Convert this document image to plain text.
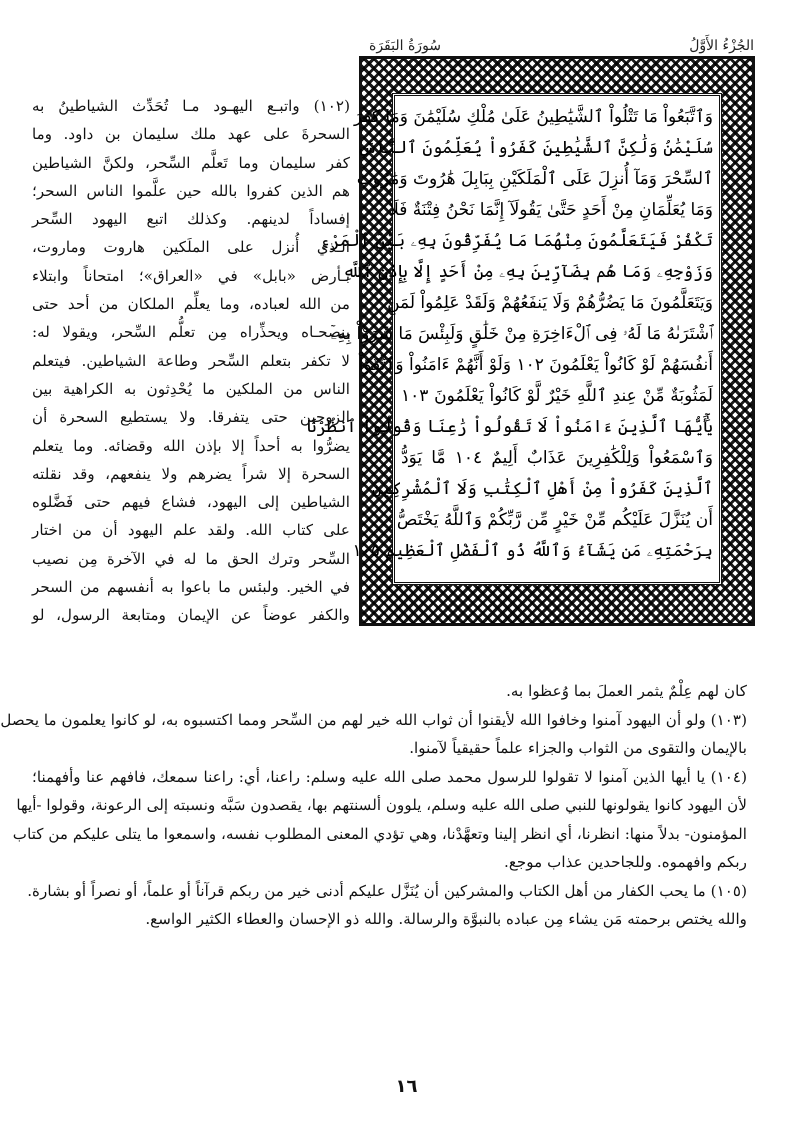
الجُزْءُ الأَوَّلُ
سُورَةُ البَقَرَة
وَٱتَّبَعُواْ مَا تَتْلُواْ ٱلشَّيَٰطِينُ عَلَىٰ مُلْكِ سُلَيْمَٰنَ وَمَا كَفَرَ
سُلَيْمَٰنُ وَلَٰكِنَّ ٱلشَّيَٰطِينَ كَفَرُواْ يُعَلِّمُونَ ٱلنَّاسَ
ٱلسِّحْرَ وَمَآ أُنزِلَ عَلَى ٱلْمَلَكَيْنِ بِبَابِلَ هَٰرُوتَ وَمَٰرُوتَ
وَمَا يُعَلِّمَانِ مِنْ أَحَدٍ حَتَّىٰ يَقُولَآ إِنَّمَا نَحْنُ فِتْنَةٌ فَلَا
تَكْفُرْ فَيَتَعَلَّمُونَ مِنْهُمَا مَا يُفَرِّقُونَ بِهِۦ بَيْنَ ٱلْمَرْءِ
وَزَوْجِهِۦ وَمَا هُم بِضَآرِّينَ بِهِۦ مِنْ أَحَدٍ إِلَّا بِإِذْنِ ٱللَّهِ
وَيَتَعَلَّمُونَ مَا يَضُرُّهُمْ وَلَا يَنفَعُهُمْ وَلَقَدْ عَلِمُواْ لَمَنِ
ٱشْتَرَىٰهُ مَا لَهُۥ فِى ٱلْءَاخِرَةِ مِنْ خَلَٰقٍ وَلَبِئْسَ مَا شَرَوْاْ بِهِۦٓ
أَنفُسَهُمْ لَوْ كَانُواْ يَعْلَمُونَ ١٠٢ وَلَوْ أَنَّهُمْ ءَامَنُواْ وَٱتَّقَوْاْ
لَمَثُوبَةٌ مِّنْ عِندِ ٱللَّهِ خَيْرٌ لَّوْ كَانُواْ يَعْلَمُونَ ١٠٣
يَٰٓأَيُّهَا ٱلَّذِينَ ءَامَنُواْ لَا تَقُولُواْ رَٰعِنَا وَقُولُواْ ٱنظُرْنَا
وَٱسْمَعُواْ وَلِلْكَٰفِرِينَ عَذَابٌ أَلِيمٌ ١٠٤ مَّا يَوَدُّ
ٱلَّذِينَ كَفَرُواْ مِنْ أَهْلِ ٱلْكِتَٰبِ وَلَا ٱلْمُشْرِكِينَ
أَن يُنَزَّلَ عَلَيْكُم مِّنْ خَيْرٍ مِّن رَّبِّكُمْ وَٱللَّهُ يَخْتَصُّ
بِرَحْمَتِهِۦ مَن يَشَآءُ وَٱللَّهُ ذُو ٱلْفَضْلِ ٱلْعَظِيمِ ١٠٥
(١٠٢) واتبـع اليهـود مـا تُحَدِّث الشياطينُ به
السحرةَ على عهد ملك سليمان بن داود. وما
كفر سليمان وما تَعلَّم السِّحر، ولكنَّ الشياطين
هم الذين كفروا بالله حين علَّموا الناس السحر؛
إفساداً لدينهم. وكذلك اتبع اليهود السِّحر
الـذي أُنزل على الملَكين هاروت وماروت،
بـأرض «بابل» في «العراق»؛ امتحاناً وابتلاء
من الله لعباده، وما يعلِّم الملكان من أحد حتى
ينصحـاه ويحذِّراه مِن تعلُّم السِّحر، ويقولا له:
لا تكفر بتعلم السِّحر وطاعة الشياطين. فيتعلم
الناس من الملكين ما يُحْدِثون به الكراهية بين
الزوجين حتى يتفرقا. ولا يستطيع السحرة أن
يضرُّوا به أحداً إلا بإذن الله وقضائه. وما يتعلم
السحرة إلا شراً يضرهم ولا ينفعهم، وقد نقلته
الشياطين إلى اليهود، فشاع فيهم حتى فَضَّلوه
على كتاب الله. ولقد علم اليهود أن من اختار
السِّحر وترك الحق ما له في الآخرة مِن نصيب
في الخير. ولبئس ما باعوا به أنفسهم من السحر
والكفر عوضاً عن الإيمان ومتابعة الرسول، لو
كان لهم عِلْمٌ يثمر العملَ بما وُعظوا به.
(١٠٣) ولو أن اليهود آمنوا وخافوا الله لأيقنوا أن ثواب الله خير لهم من السِّحر ومما اكتسبوه به، لو كانوا يعلمون ما يحصل
بالإيمان والتقوى من الثواب والجزاء علماً حقيقياً لآمنوا.
(١٠٤) يا أيها الذين آمنوا لا تقولوا للرسول محمد صلى الله عليه وسلم: راعنا، أي: راعنا سمعك، فافهم عنا وأفهمنا؛
لأن اليهود كانوا يقولونها للنبي صلى الله عليه وسلم، يلوون ألسنتهم بها، يقصدون سَبَّه ونسبته إلى الرعونة، وقولوا -أيها
المؤمنون- بدلاً منها: انظرنا، أي انظر إلينا وتعهَّدْنا، وهي تؤدي المعنى المطلوب نفسه، واسمعوا ما يتلى عليكم من كتاب
ربكم وافهموه. وللجاحدين عذاب موجع.
(١٠٥) ما يحب الكفار من أهل الكتاب والمشركين أن يُنَزَّل عليكم أدنى خير من ربكم قرآناً أو علماً، أو نصراً أو بشارة.
والله يختص برحمته مَن يشاء مِن عباده بالنبوَّة والرسالة. والله ذو الإحسان والعطاء الكثير الواسع.
١٦
